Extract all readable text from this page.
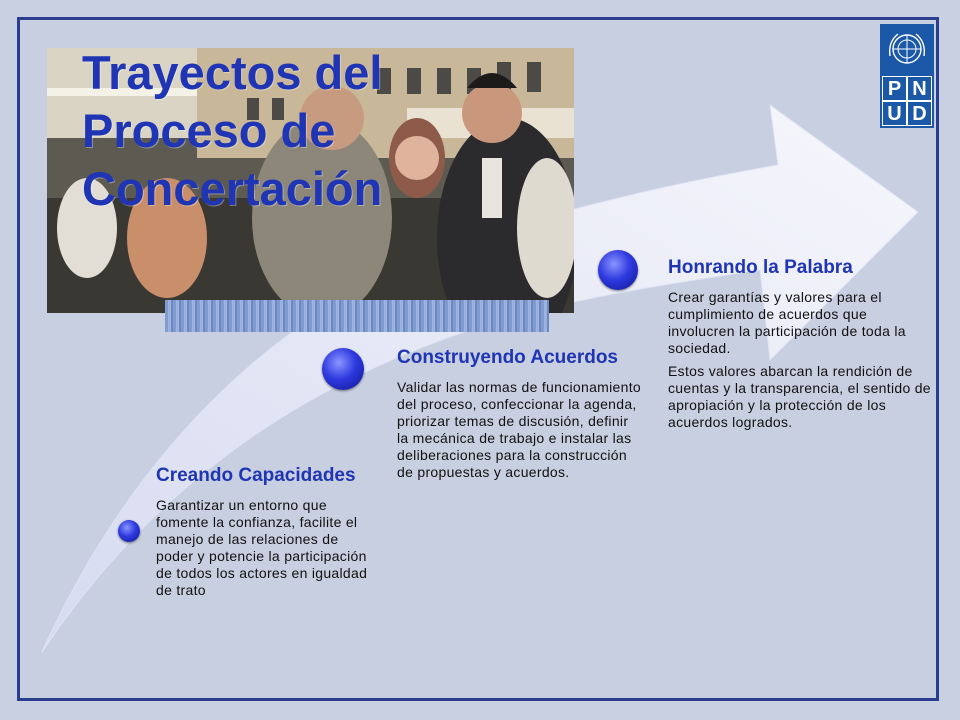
Trayectos del Proceso de Concertación
P N
U D
Creando Capacidades

Garantizar un entorno que fomente la confianza, facilite el manejo de las relaciones de poder y potencie la participación de todos los actores en igualdad de trato

Construyendo Acuerdos

Validar las normas de funcionamiento del proceso, confeccionar la agenda, priorizar temas de discusión, definir la mecánica de trabajo e instalar las deliberaciones para la construcción de propuestas y acuerdos.

Honrando la Palabra

Crear garantías y valores para el cumplimiento de acuerdos que involucren la participación de toda la sociedad.

Estos valores abarcan la rendición de cuentas y la transparencia, el sentido de apropiación y la protección de los acuerdos logrados.
